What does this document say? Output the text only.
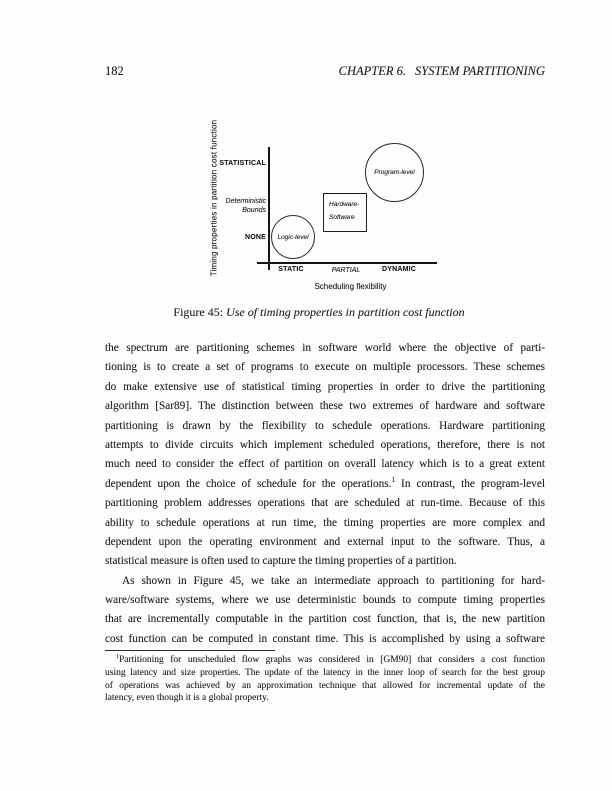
182	CHAPTER 6. SYSTEM PARTITIONING
Timing properties in partition cost function STATISTICAL
Deterministic
Bounds
NONE
STATIC	PARTIAL	DYNAMIC
Logic-level
Hardware-
Software
Program-level
Scheduling flexibility
Figure 45: Use of timing properties in partition cost function
the spectrum are partitioning schemes in software world where the objective of parti-
tioning is to create a set of programs to execute on multiple processors. These schemes
do make extensive use of statistical timing properties in order to drive the partitioning
algorithm [Sar89]. The distinction between these two extremes of hardware and software
partitioning is drawn by the flexibility to schedule operations. Hardware partitioning
attempts to divide circuits which implement scheduled operations, therefore, there is not
much need to consider the effect of partition on overall latency which is to a great extent
dependent upon the choice of schedule for the operations.$^1$ In contrast, the program-level
partitioning problem addresses operations that are scheduled at run-time. Because of this
ability to schedule operations at run time, the timing properties are more complex and
dependent upon the operating environment and external input to the software. Thus, a
statistical measure is often used to capture the timing properties of a partition.
As shown in Figure 45, we take an intermediate approach to partitioning for hard-
ware/software systems, where we use deterministic bounds to compute timing properties
that are incrementally computable in the partition cost function, that is, the new partition
cost function can be computed in constant time. This is accomplished by using a software
$^1$Partitioning for unscheduled flow graphs was considered in [GM90] that considers a cost function
using latency and size properties. The update of the latency in the inner loop of search for the best group
of operations was achieved by an approximation technique that allowed for incremental update of the
latency, even though it is a global property.
